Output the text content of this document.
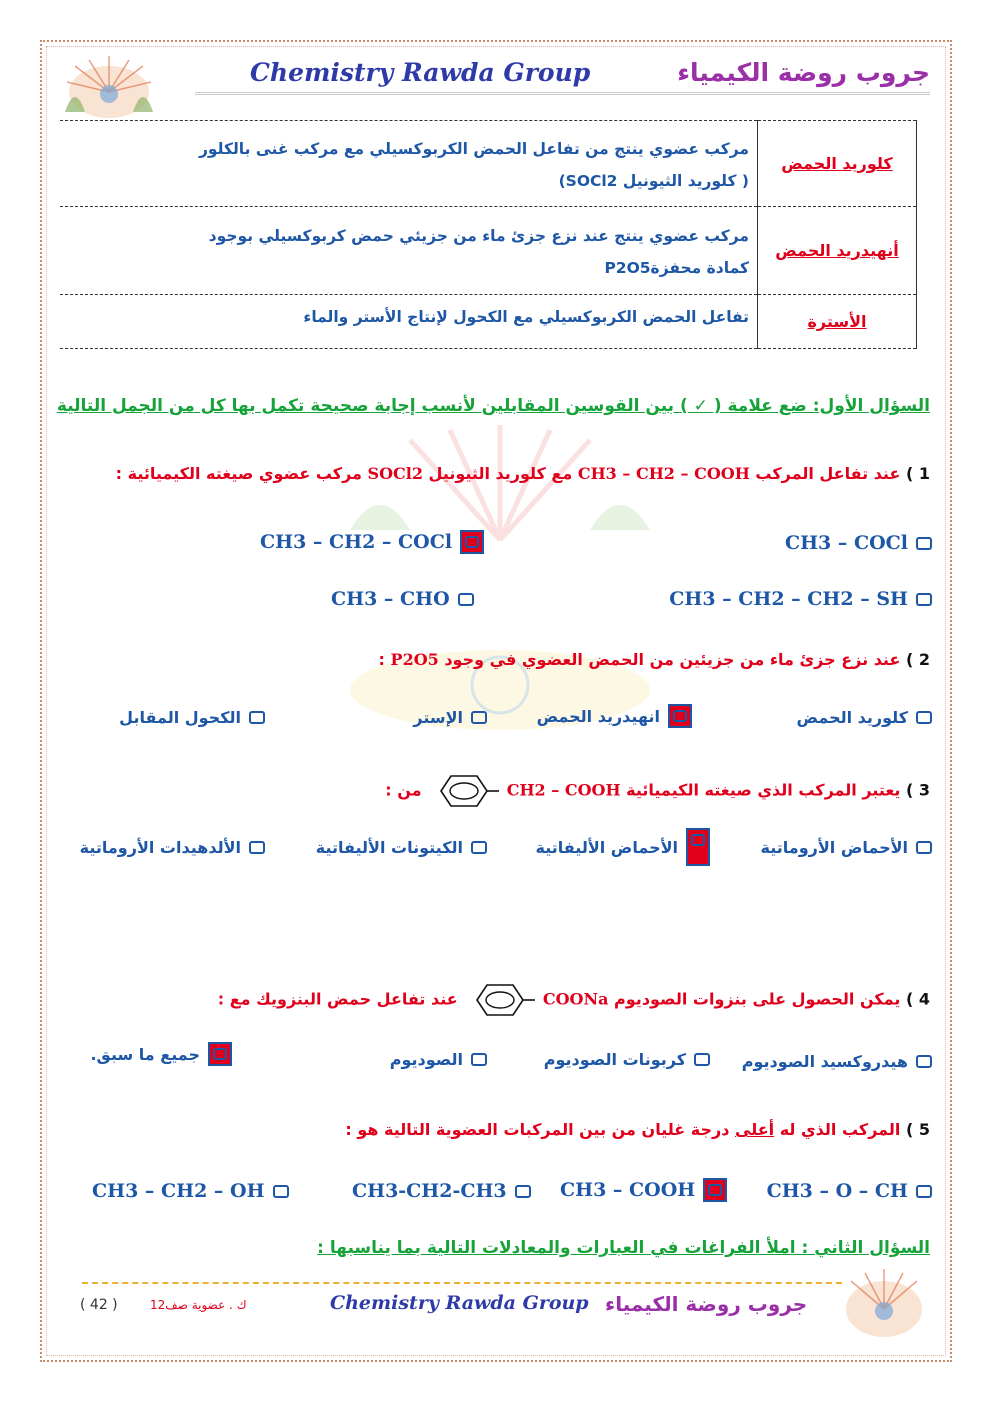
Chemistry Rawda Group	جروب روضة الكيمياء
كلوريد الحمض	مركب عضوي ينتج من تفاعل الحمض الكربوكسيلي مع مركب غنى بالكلور
( كلوريد الثيونيل SOCl2)

أنهيدريد الحمض	مركب عضوي ينتج عند نزع جزئ ماء من جزيئي حمض كربوكسيلي بوجود
كمادة محفزةP2O5

الأسترة	تفاعل الحمض الكربوكسيلي مع الكحول لإنتاج الأستر والماء
السؤال الأول: ضع علامة ( ✓ ) بين القوسين المقابلين لأنسب إجابة صحيحة تكمل بها كل من الجمل التالية
1 ) عند تفاعل المركب CH3 – CH2 – COOH مع كلوريد الثيونيل SOCl2 مركب عضوي صيغته الكيميائية :
CH3 – COCl
CH3 – CH2 – COCl
CH3 – CH2 – CH2 – SH
CH3 – CHO
2 ) عند نزع جزئ ماء من جزيئين من الحمض العضوي في وجود P2O5 :
كلوريد الحمض
انهيدريد الحمض
الإستر
الكحول المقابل
3 ) يعتبر المركب الذي صيغته الكيميائية CH2 – COOH  من :
الأحماض الأروماتية
الأحماض الأليفاتية
الكيتونات الأليفاتية
الألدهيدات الأروماتية
4 ) يمكن الحصول على بنزوات الصوديوم COONa  عند تفاعل حمض البنزويك مع :
هيدروكسيد الصوديوم
كربونات الصوديوم
الصوديوم
جميع ما سبق.
5 ) المركب الذي له أعلى درجة غليان من بين المركبات العضوية التالية هو :
CH3 – O – CH
CH3 – COOH
CH3-CH2-CH3
CH3 – CH2 – OH
السؤال الثاني : املأ الفراغات في العبارات والمعادلات التالية بما يناسبها :
جروب روضة الكيمياء
Chemistry Rawda Group
ك . عضوية صف12
( 42 )
